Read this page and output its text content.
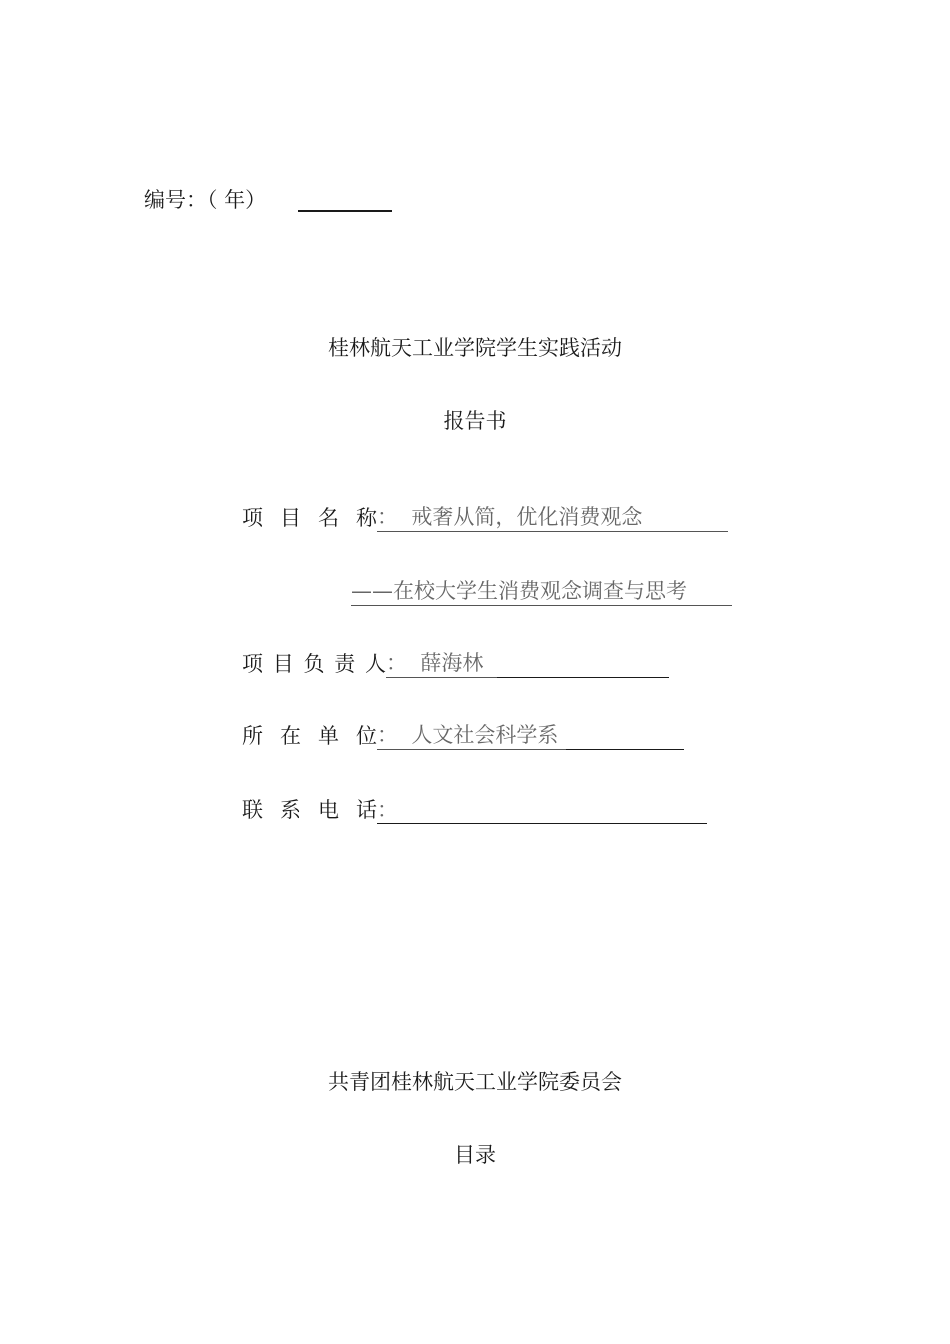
编号：（ 年）
桂林航天工业学院学生实践活动
报告书
项 目 名 称 ：  戒奢从简，优化消费观念
——在校大学生消费观念调查与思考
项 目 负 责 人 ：  薛海林
所 在 单 位 ：  人文社会科学系
联 系 电 话 ：
共青团桂林航天工业学院委员会
目录
